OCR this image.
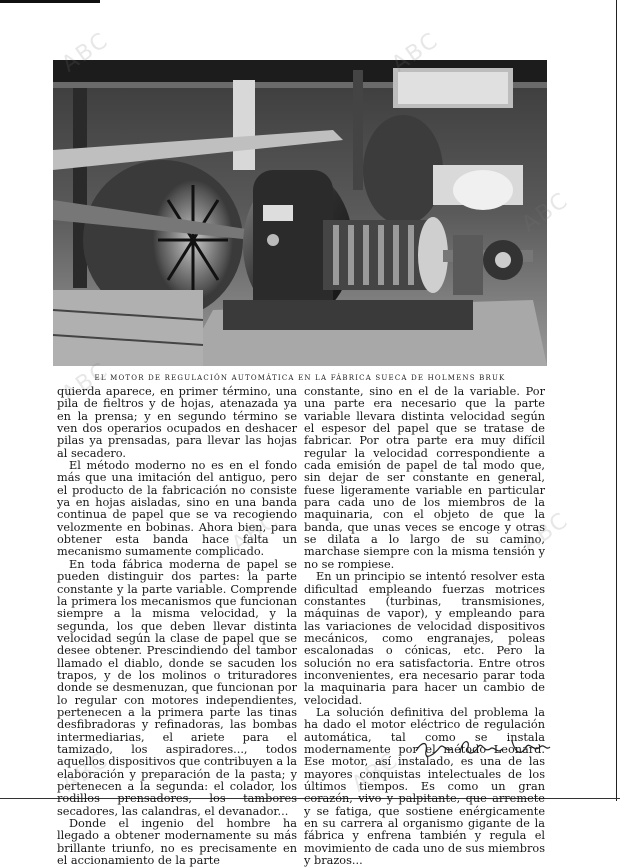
EL MOTOR DE REGULACIÓN AUTOMÁTICA EN LA FÁBRICA SUECA DE HOLMENS BRUK

quierda aparece, en primer término, una pila de fieltros y de hojas, atenazada ya en la prensa; y en segundo término se ven dos operarios ocupados en deshacer pilas ya prensadas, para llevar las hojas al secadero.

El método moderno no es en el fondo más que una imitación del antiguo, pero el producto de la fabricación no consiste ya en hojas aisladas, sino en una banda continua de papel que se va recogiendo velozmente en bobinas. Ahora bien, para obtener esta banda hace falta un mecanismo sumamente complicado.

En toda fábrica moderna de papel se pueden distinguir dos partes: la parte constante y la parte variable. Comprende la primera los mecanismos que funcionan siempre a la misma velocidad, y la segunda, los que deben llevar distinta velocidad según la clase de papel que se desee obtener. Prescindiendo del tambor llamado el diablo, donde se sacuden los trapos, y de los molinos o trituradores donde se desmenuzan, que funcionan por lo regular con motores independientes, pertenecen a la primera parte las tinas desfibradoras y refinadoras, las bombas intermediarias, el ariete para el tamizado, los aspiradores..., todos aquellos dispositivos que contribuyen a la elaboración y preparación de la pasta; y pertenecen a la segunda: el colador, los rodillos prensadores, los tambores secadores, las calandras, el devanador...

Donde el ingenio del hombre ha llegado a obtener modernamente su más brillante triunfo, no es precisamente en el accionamiento de la parte

constante, sino en el de la variable. Por una parte era necesario que la parte variable llevara distinta velocidad según el espesor del papel que se tratase de fabricar. Por otra parte era muy difícil regular la velocidad correspondiente a cada emisión de papel de tal modo que, sin dejar de ser constante en general, fuese ligeramente variable en particular para cada uno de los miembros de la maquinaria, con el objeto de que la banda, que unas veces se encoge y otras se dilata a lo largo de su camino, marchase siempre con la misma tensión y no se rompiese.

En un principio se intentó resolver esta dificultad empleando fuerzas motrices constantes (turbinas, transmisiones, máquinas de vapor), y empleando para las variaciones de velocidad dispositivos mecánicos, como engranajes, poleas escalonadas o cónicas, etc. Pero la solución no era satisfactoria. Entre otros inconvenientes, era necesario parar toda la maquinaria para hacer un cambio de velocidad.

La solución definitiva del problema la ha dado el motor eléctrico de regulación automática, tal como se instala modernamente por el método Leonard. Ese motor, así instalado, es una de las mayores conquistas intelectuales de los últimos tiempos. Es como un gran corazón, vivo y palpitante, que arremete y se fatiga, que sostiene enérgicamente en su carrera al organismo gigante de la fábrica y enfrena también y regula el movimiento de cada uno de sus miembros y brazos...

ABC	ABC
ABC
ABC
ABC
ABC	ABC
